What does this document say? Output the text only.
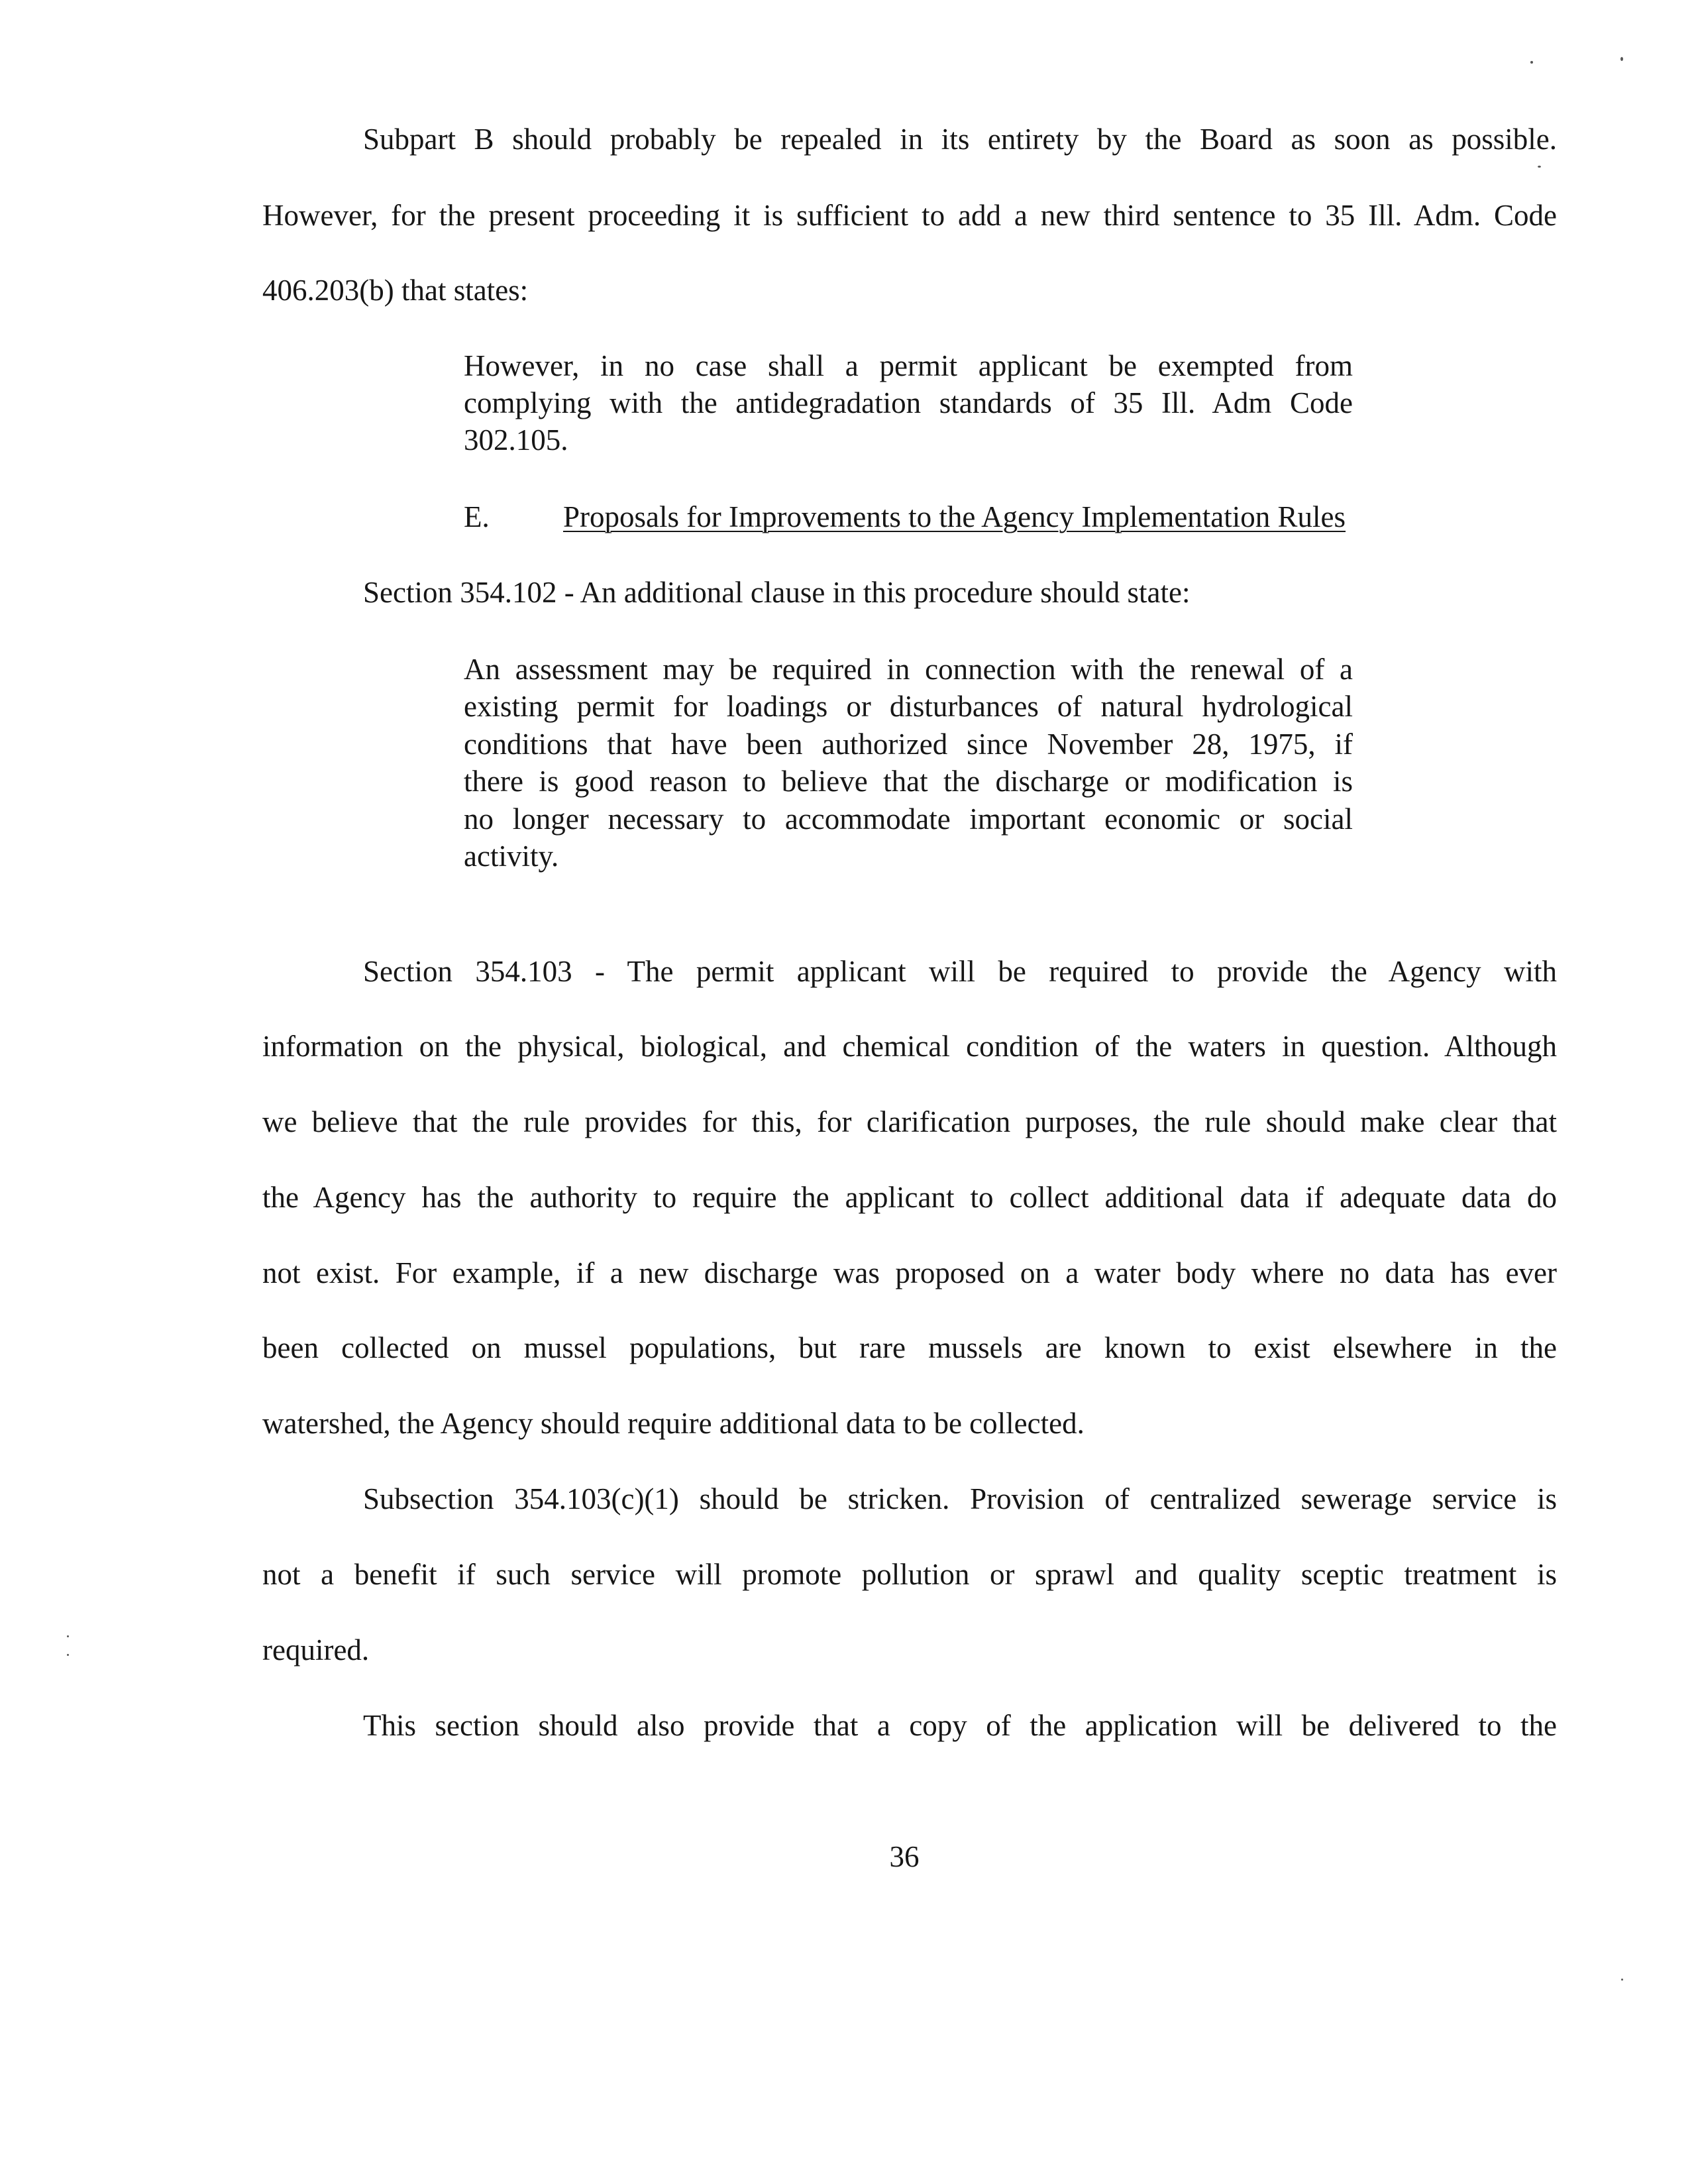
Subpart B should probably be repealed in its entirety by the Board as soon as possible.
However, for the present proceeding it is sufficient to add a new third sentence to 35 Ill. Adm. Code
406.203(b) that states:
However, in no case shall a permit applicant be exempted from
complying with the antidegradation standards of 35 Ill. Adm Code
302.105.
E. Proposals for Improvements to the Agency Implementation Rules
Section 354.102 - An additional clause in this procedure should state:
An assessment may be required in connection with the renewal of a
existing permit for loadings or disturbances of natural hydrological
conditions that have been authorized since November 28, 1975, if
there is good reason to believe that the discharge or modification is
no longer necessary to accommodate important economic or social
activity.
Section 354.103 - The permit applicant will be required to provide the Agency with
information on the physical, biological, and chemical condition of the waters in question. Although
we believe that the rule provides for this, for clarification purposes, the rule should make clear that
the Agency has the authority to require the applicant to collect additional data if adequate data do
not exist. For example, if a new discharge was proposed on a water body where no data has ever
been collected on mussel populations, but rare mussels are known to exist elsewhere in the
watershed, the Agency should require additional data to be collected.
Subsection 354.103(c)(1) should be stricken. Provision of centralized sewerage service is
not a benefit if such service will promote pollution or sprawl and quality sceptic treatment is
required.
This section should also provide that a copy of the application will be delivered to the
36
